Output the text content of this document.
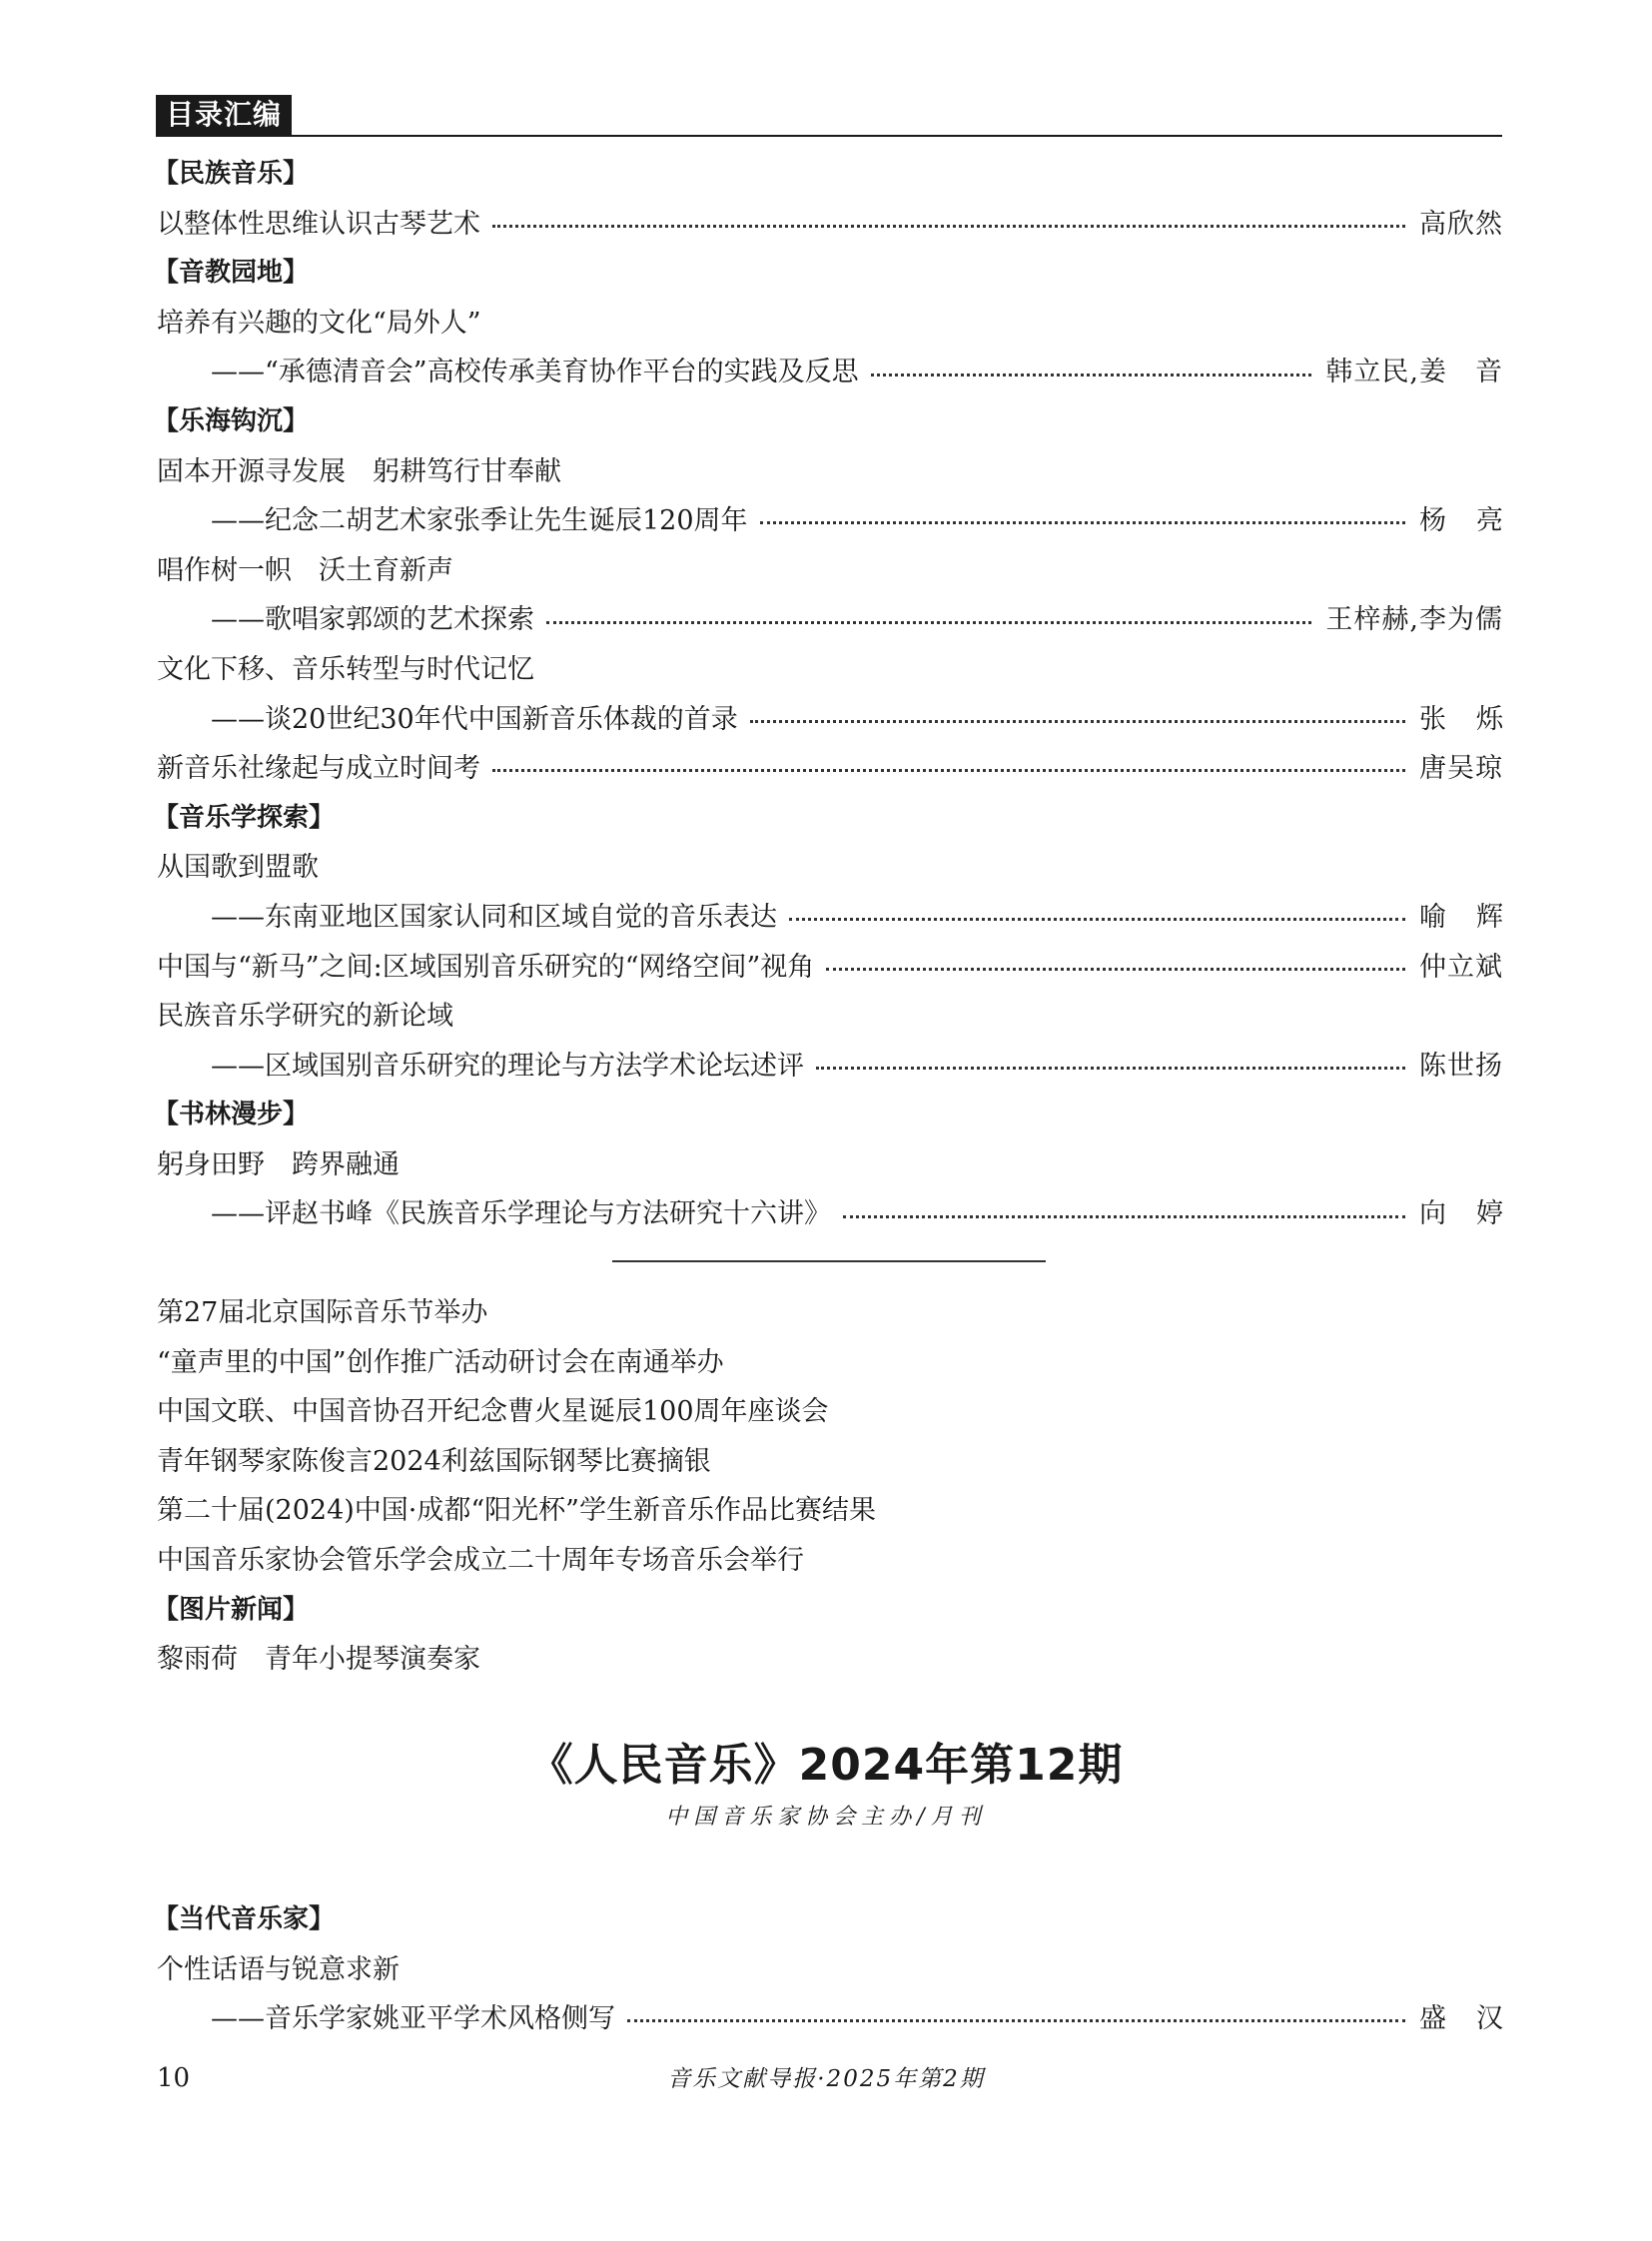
目录汇编
【民族音乐】
以整体性思维认识古琴艺术	高欣然
【音教园地】
培养有兴趣的文化“局外人”
——“承德清音会”高校传承美育协作平台的实践及反思	韩立民,姜　音
【乐海钩沉】
固本开源寻发展　躬耕笃行甘奉献
——纪念二胡艺术家张季让先生诞辰120周年	杨亮
唱作树一帜　沃土育新声
——歌唱家郭颂的艺术探索	王梓赫,李为儒
文化下移、音乐转型与时代记忆
——谈20世纪30年代中国新音乐体裁的首录	张烁
新音乐社缘起与成立时间考	唐吴琼
【音乐学探索】
从国歌到盟歌
——东南亚地区国家认同和区域自觉的音乐表达	喻辉
中国与“新马”之间:区域国别音乐研究的“网络空间”视角	仲立斌
民族音乐学研究的新论域
——区域国别音乐研究的理论与方法学术论坛述评	陈世扬
【书林漫步】
躬身田野　跨界融通
——评赵书峰《民族音乐学理论与方法研究十六讲》	向婷
第27届北京国际音乐节举办
“童声里的中国”创作推广活动研讨会在南通举办
中国文联、中国音协召开纪念曹火星诞辰100周年座谈会
青年钢琴家陈俊言2024利兹国际钢琴比赛摘银
第二十届(2024)中国·成都“阳光杯”学生新音乐作品比赛结果
中国音乐家协会管乐学会成立二十周年专场音乐会举行
【图片新闻】
黎雨荷　青年小提琴演奏家
《人民音乐》2024年第12期
中国音乐家协会主办/月刊
【当代音乐家】
个性话语与锐意求新
——音乐学家姚亚平学术风格侧写	盛汉
10	音乐文献导报·2025年第2期
